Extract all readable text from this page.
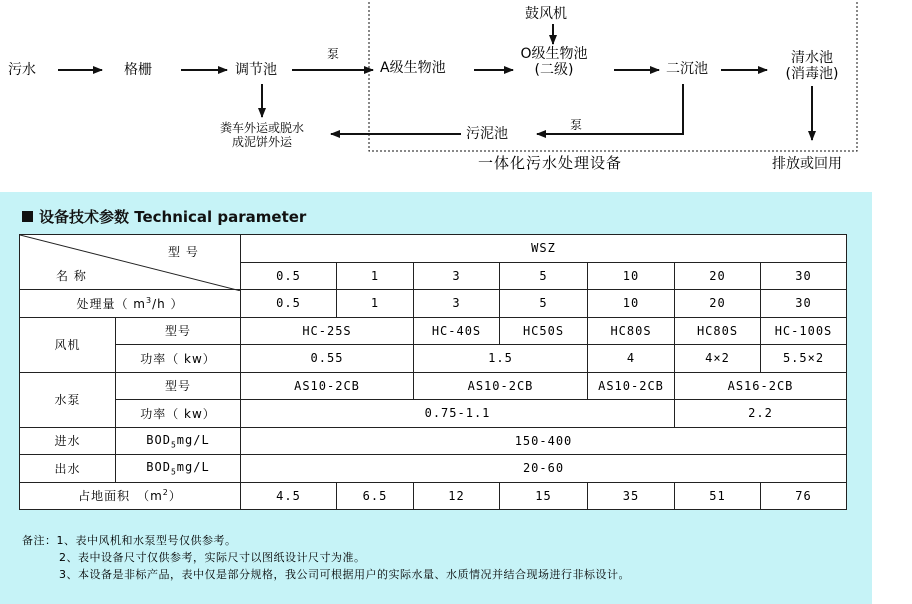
污水	格栅	调节池
泵
A级生物池
鼓风机
O级生物池
(二级)	二沉池
清水池
(消毒池)
排放或回用
泵
污泥池
粪车外运或脱水
成泥饼外运
一体化污水处理设备
设备技术参数 Technical parameter
型 号
名 称		WSZ						
		0.5	1	3	5	10	20	30
处理量（ $m^3/h$ ）		0.5	1	3	5	10	20	30
风机	型号	HC-25S		HC-40S	HC50S	HC80S	HC80S	HC-100S
	功率（ kw）	0.55		1.5		4	4×2	5.5×2
水泵	型号	AS10-2CB		AS10-2CB		AS10-2CB	AS16-2CB	
	功率（ kw）	0.75-1.1					2.2	
进水	$BOD_5mg/L$	150-400						
出水	$BOD_5mg/L$	20-60						
占地面积　$(m^2)$		4.5	6.5	12	15	35	51	76
备注：1、表中风机和水泵型号仅供参考。
2、表中设备尺寸仅供参考，实际尺寸以图纸设计尺寸为准。
3、本设备是非标产品，表中仅是部分规格，我公司可根据用户的实际水量、水质情况并结合现场进行非标设计。
